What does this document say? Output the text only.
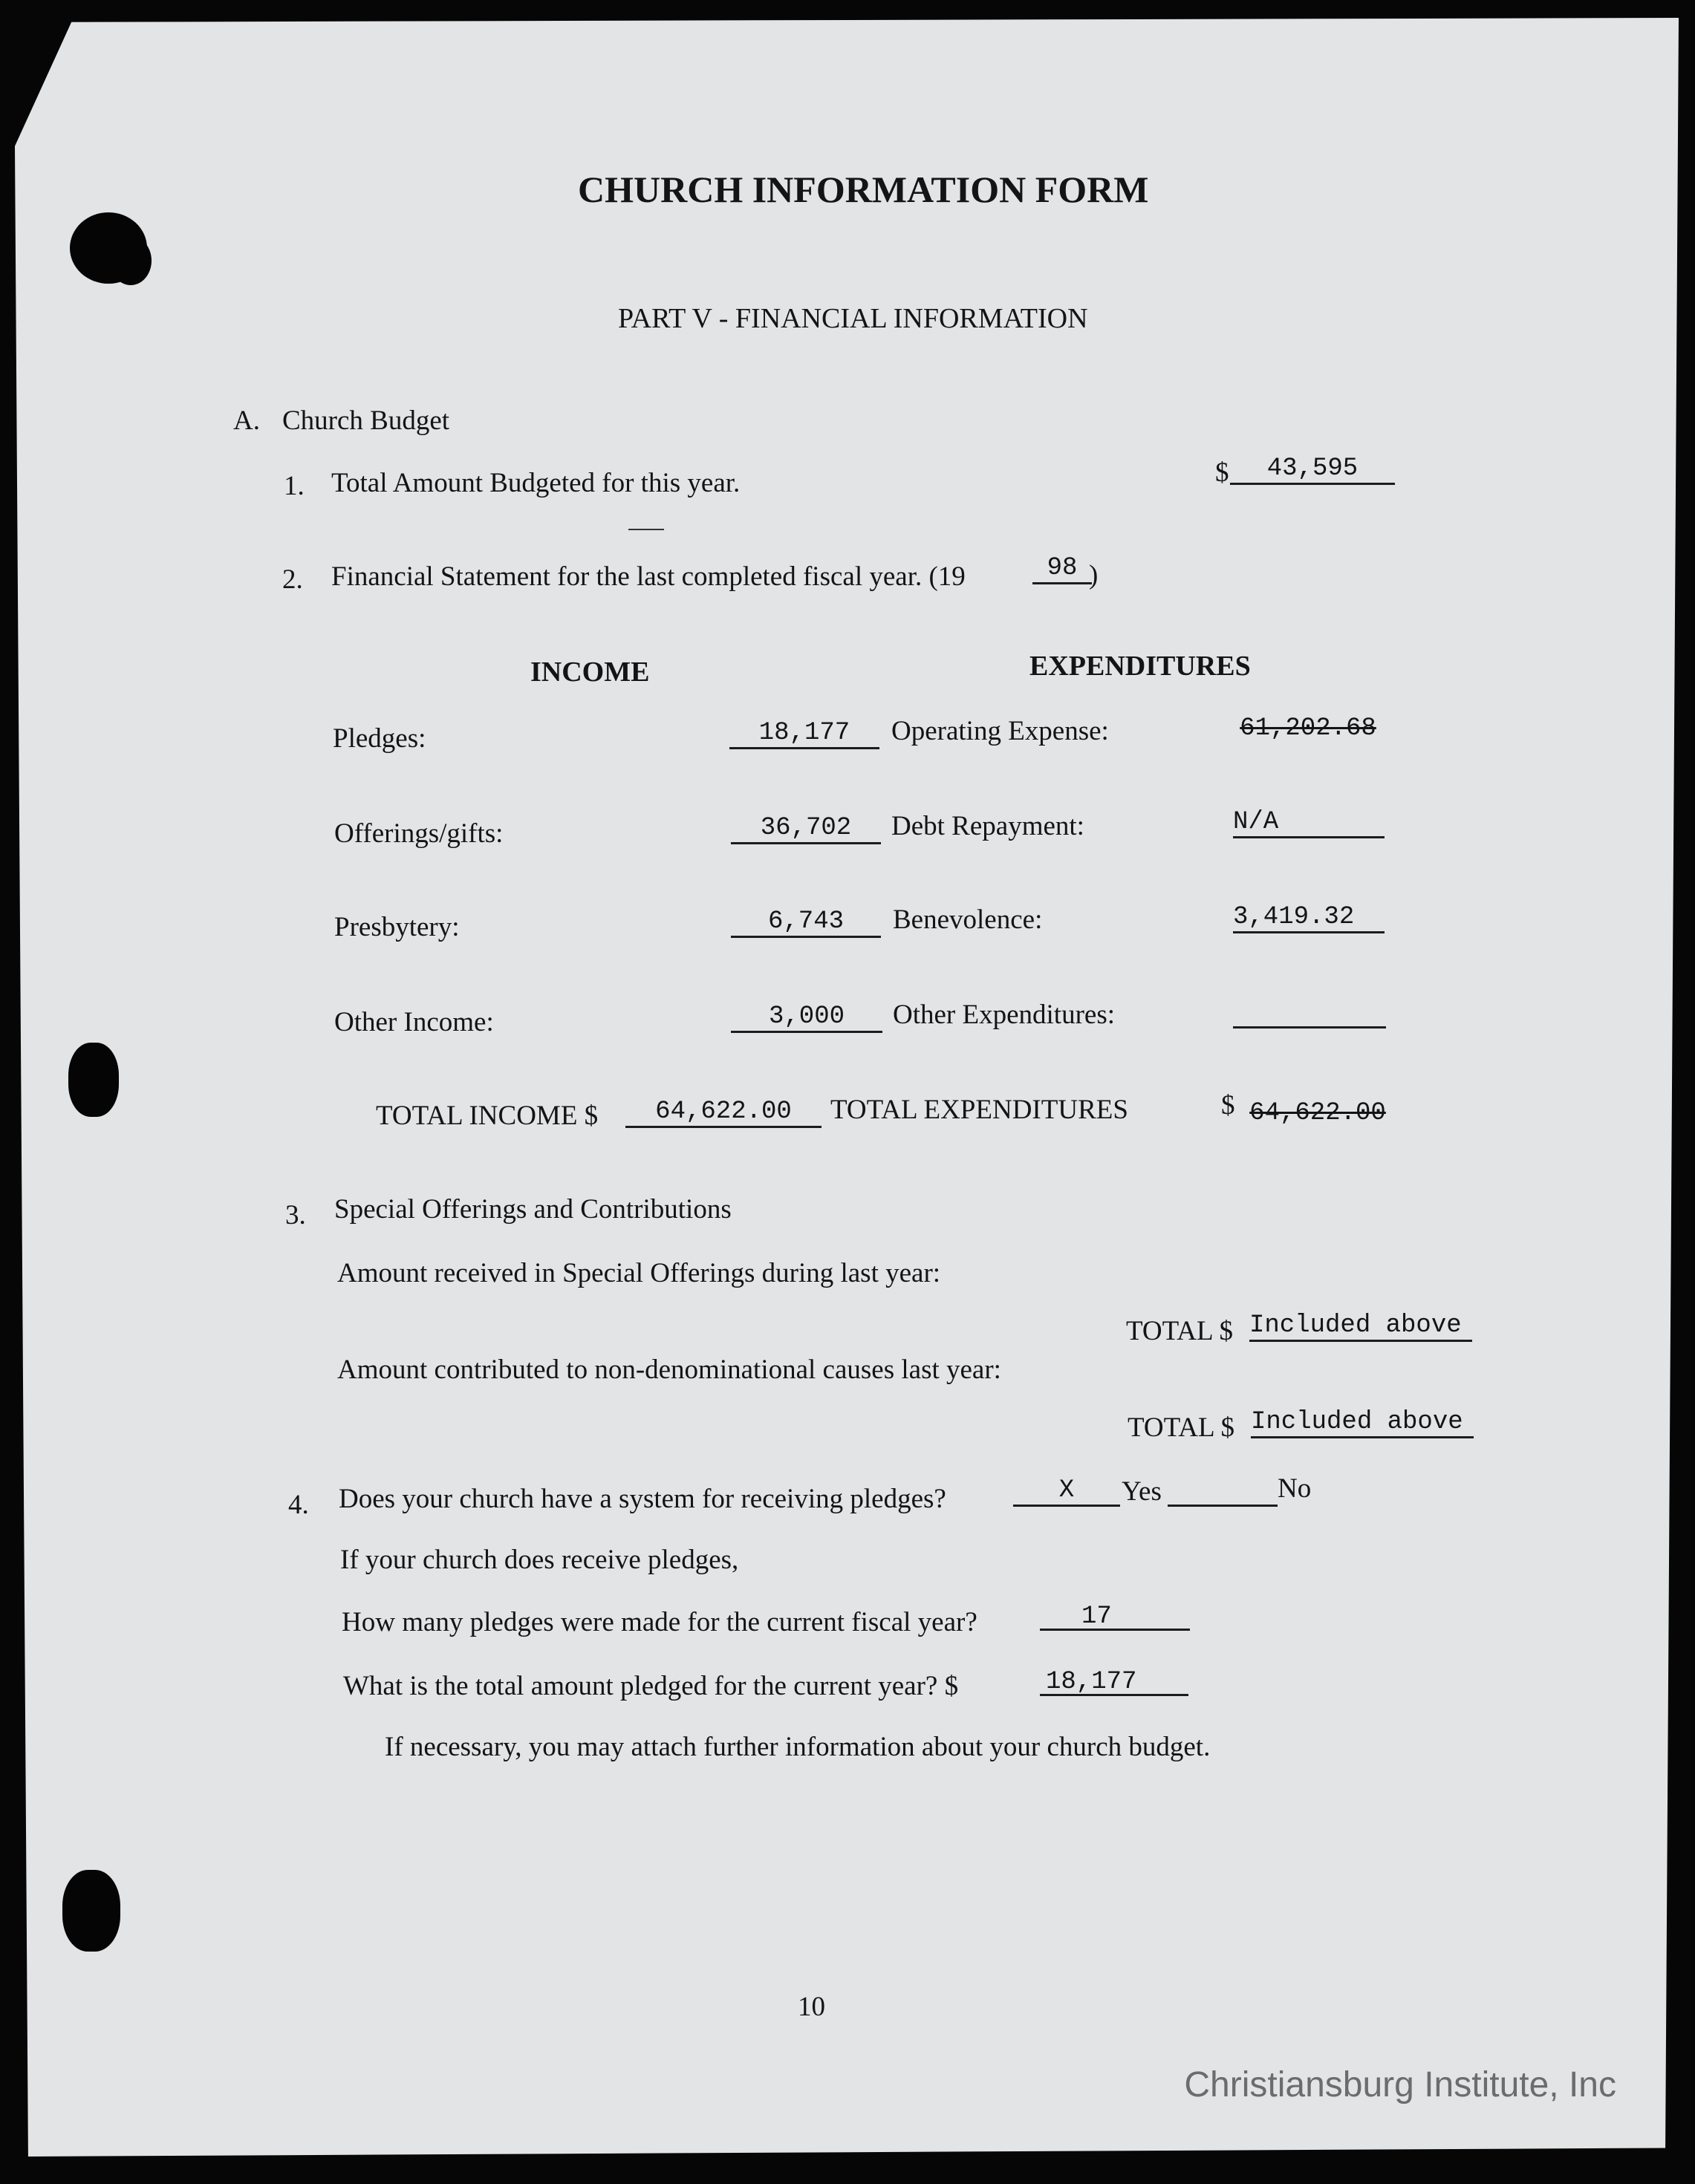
CHURCH INFORMATION FORM
PART V - FINANCIAL INFORMATION
A. Church Budget
1. Total Amount Budgeted for this year.	$	43,595
2. Financial Statement for the last completed fiscal year. (19	98 )
INCOME	EXPENDITURES
Pledges:	18,177	Operating Expense:	61,202.68
Offerings/gifts:	36,702	Debt Repayment:	N/A
Presbytery:	6,743	Benevolence:	3,419.32
Other Income:	3,000	Other Expenditures:
TOTAL INCOME $	64,622.00	TOTAL EXPENDITURES	$ 64,622.00
3. Special Offerings and Contributions
Amount received in Special Offerings during last year:
TOTAL $ Included above
Amount contributed to non-denominational causes last year:
TOTAL $ Included above
4. Does your church have a system for receiving pledges?	X	Yes	No
If your church does receive pledges,
How many pledges were made for the current fiscal year?	17
What is the total amount pledged for the current year? $	18,177
If necessary, you may attach further information about your church budget.
10
Christiansburg Institute, Inc
